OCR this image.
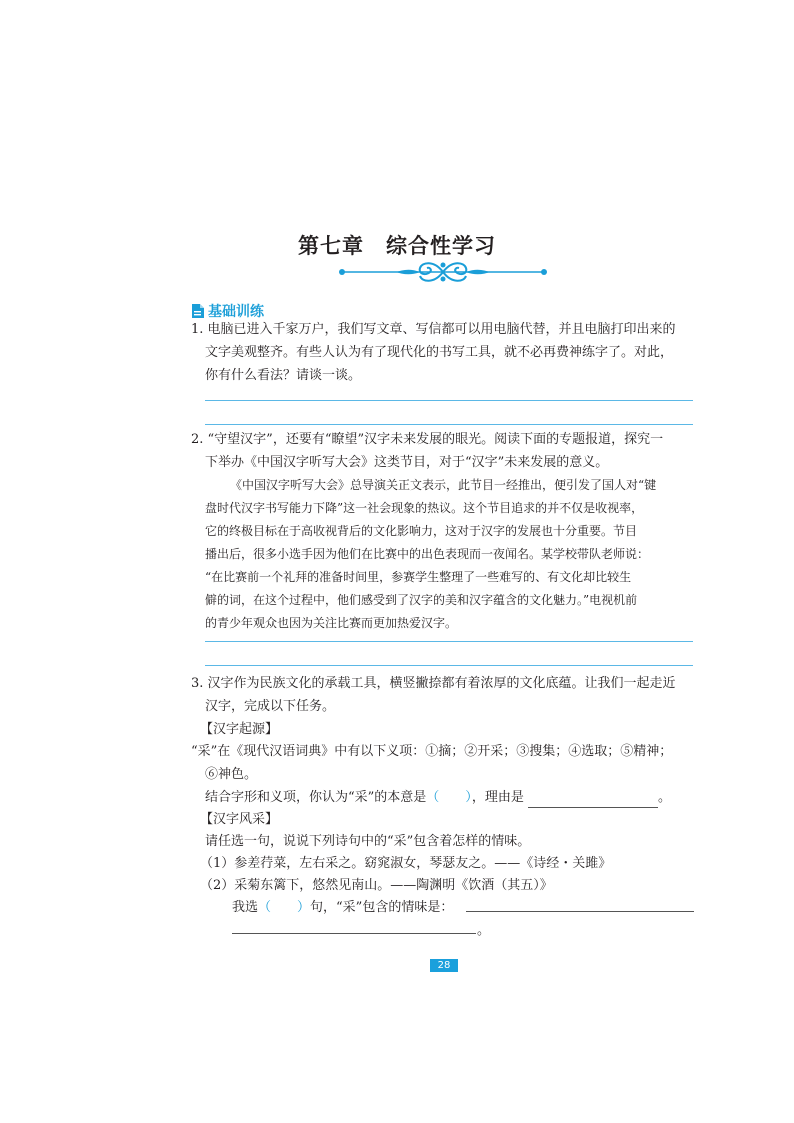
第七章　综合性学习
基础训练
1. 电脑已进入千家万户，我们写文章、写信都可以用电脑代替，并且电脑打印出来的
文字美观整齐。有些人认为有了现代化的书写工具，就不必再费神练字了。对此，
你有什么看法？请谈一谈。
2. “守望汉字”，还要有“瞭望”汉字未来发展的眼光。阅读下面的专题报道，探究一
下举办《中国汉字听写大会》这类节目，对于“汉字”未来发展的意义。
《中国汉字听写大会》总导演关正文表示，此节目一经推出，便引发了国人对“键
盘时代汉字书写能力下降”这一社会现象的热议。这个节目追求的并不仅是收视率，
它的终极目标在于高收视背后的文化影响力，这对于汉字的发展也十分重要。节目
播出后，很多小选手因为他们在比赛中的出色表现而一夜闻名。某学校带队老师说：
“在比赛前一个礼拜的准备时间里，参赛学生整理了一些难写的、有文化却比较生
僻的词，在这个过程中，他们感受到了汉字的美和汉字蕴含的文化魅力。”电视机前
的青少年观众也因为关注比赛而更加热爱汉字。
3. 汉字作为民族文化的承载工具，横竖撇捺都有着浓厚的文化底蕴。让我们一起走近
汉字，完成以下任务。
【汉字起源】
“采”在《现代汉语词典》中有以下义项：①摘；②开采；③搜集；④选取；⑤精神；
⑥神色。
结合字形和义项，你认为“采”的本意是（　　），理由是	。
【汉字风采】
请任选一句，说说下列诗句中的“采”包含着怎样的情味。
（1）参差荇菜，左右采之。窈窕淑女，琴瑟友之。——《诗经・关雎》
（2）采菊东篱下，悠然见南山。——陶渊明《饮酒（其五）》
我选（　　）句，“采”包含的情味是：
。
28
